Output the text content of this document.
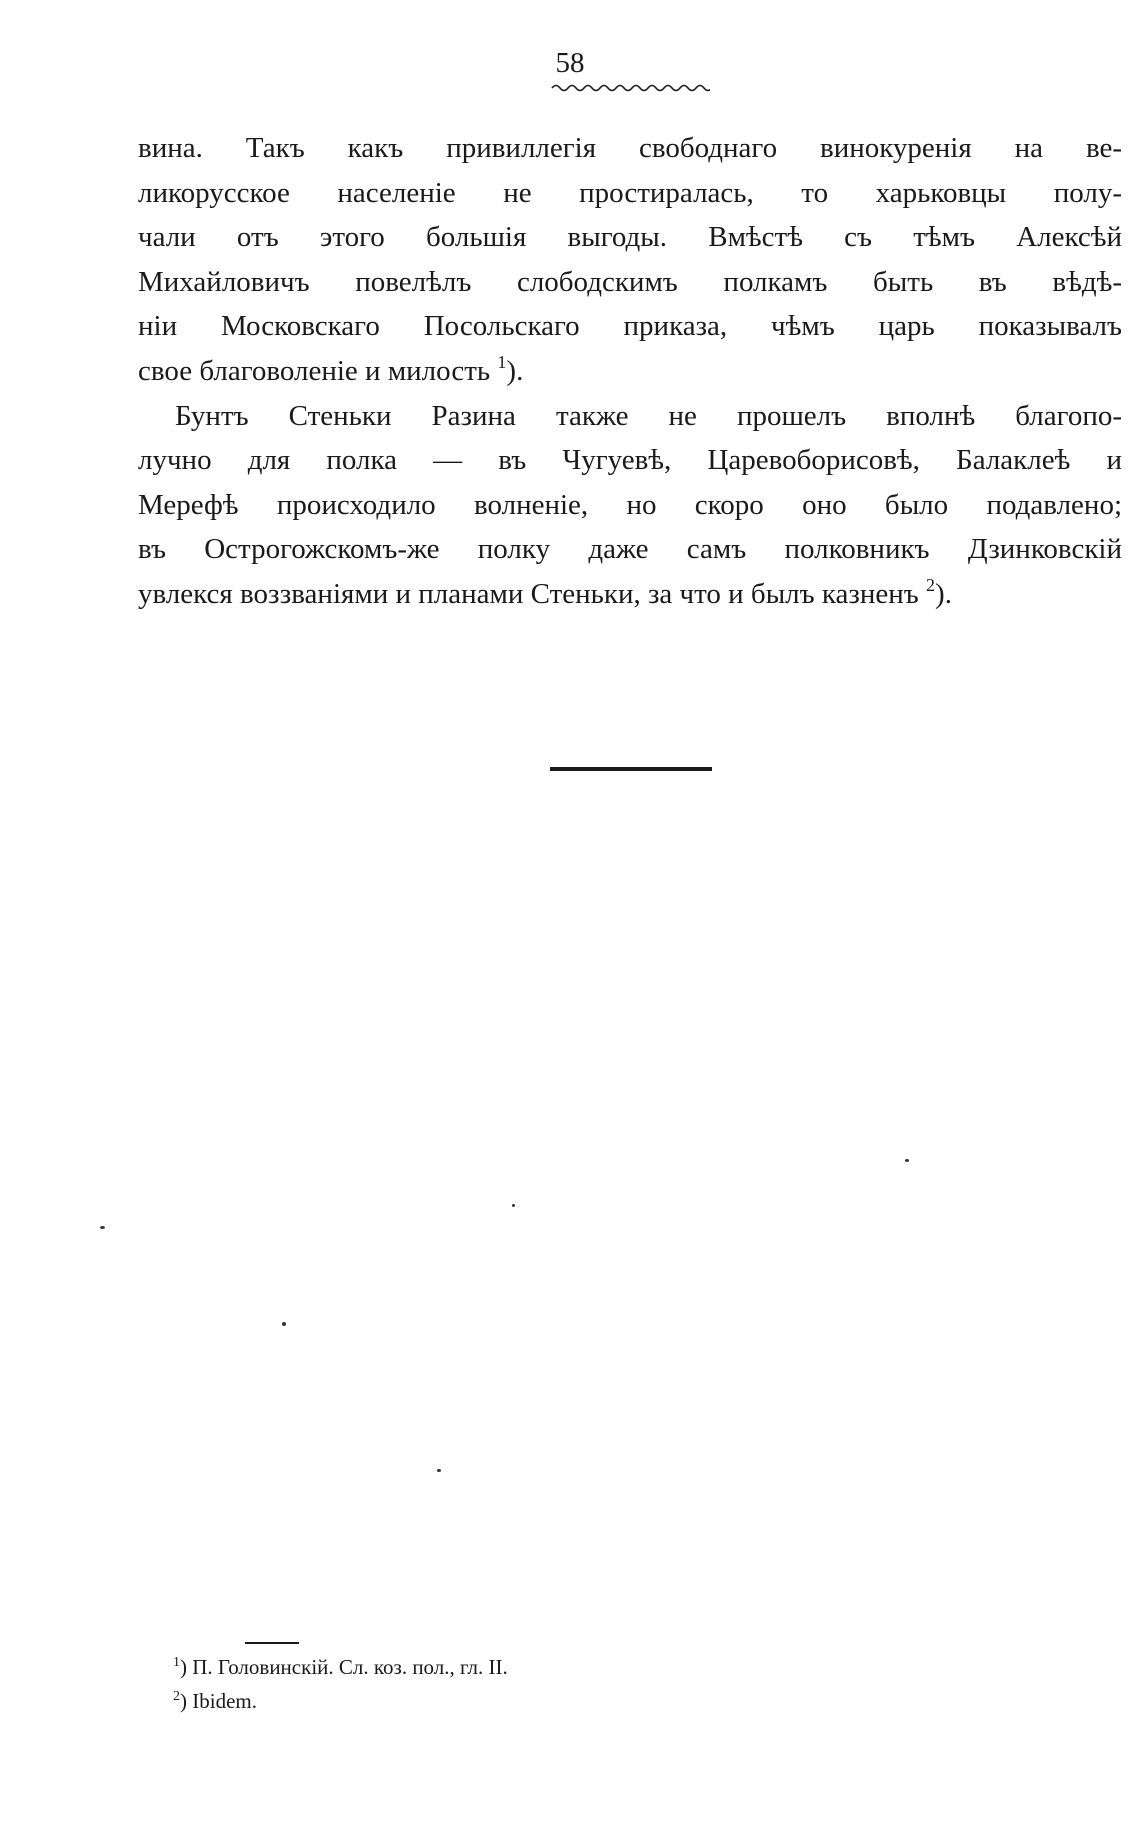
58
вина. Такъ какъ привиллегія свободнаго винокуренія на ве-
ликорусское населеніе не простиралась, то харьковцы полу-
чали отъ этого большія выгоды. Вмѣстѣ съ тѣмъ Алексѣй
Михайловичъ повелѣлъ слободскимъ полкамъ быть въ вѣдѣ-
ніи Московскаго Посольскаго приказа, чѣмъ царь показывалъ
свое благоволеніе и милость $^1$).
Бунтъ Стеньки Разина также не прошелъ вполнѣ благопо-
лучно для полка — въ Чугуевѣ, Царевоборисовѣ, Балаклеѣ и
Мерефѣ происходило волненіе, но скоро оно было подавлено;
въ Острогожскомъ-же полку даже самъ полковникъ Дзинковскій
увлекся воззваніями и планами Стеньки, за что и былъ казненъ $^2$).
$^1$) П. Головинскій. Сл. коз. пол., гл. II.
$^2$) Ibidem.
